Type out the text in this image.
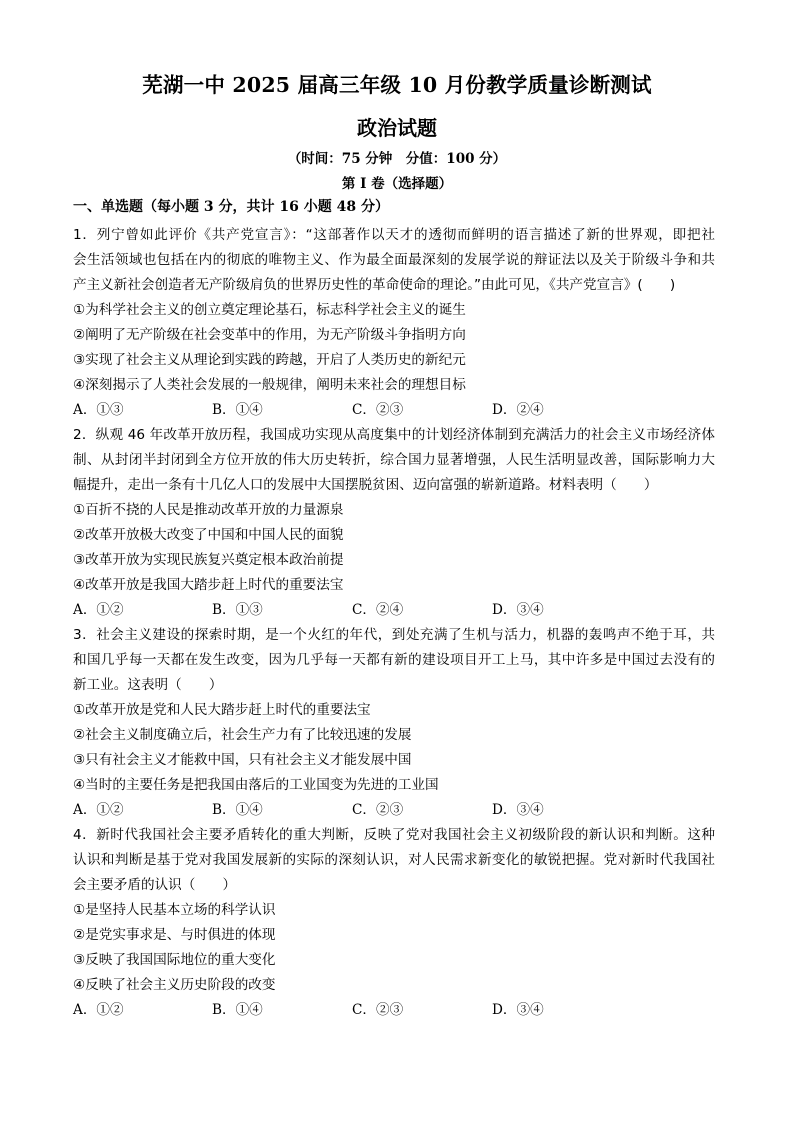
芜湖一中 2025 届高三年级 10 月份教学质量诊断测试
政治试题
（时间：75 分钟　分值：100 分）
第 I 卷（选择题）
一、单选题（每小题 3 分，共计 16 小题 48 分）
1．列宁曾如此评价《共产党宣言》：“这部著作以天才的透彻而鲜明的语言描述了新的世界观，即把社
会生活领域也包括在内的彻底的唯物主义、作为最全面最深刻的发展学说的辩证法以及关于阶级斗争和共
产主义新社会创造者无产阶级肩负的世界历史性的革命使命的理论。”由此可见，《共产党宣言》(　　)
①为科学社会主义的创立奠定理论基石，标志科学社会主义的诞生
②阐明了无产阶级在社会变革中的作用，为无产阶级斗争指明方向
③实现了社会主义从理论到实践的跨越，开启了人类历史的新纪元
④深刻揭示了人类社会发展的一般规律，阐明未来社会的理想目标
A．①③	B．①④	C．②③	D．②④
2．纵观 46 年改革开放历程，我国成功实现从高度集中的计划经济体制到充满活力的社会主义市场经济体
制、从封闭半封闭到全方位开放的伟大历史转折，综合国力显著增强，人民生活明显改善，国际影响力大
幅提升，走出一条有十几亿人口的发展中大国摆脱贫困、迈向富强的崭新道路。材料表明（　　）
①百折不挠的人民是推动改革开放的力量源泉
②改革开放极大改变了中国和中国人民的面貌
③改革开放为实现民族复兴奠定根本政治前提
④改革开放是我国大踏步赶上时代的重要法宝
A．①②	B．①③	C．②④	D．③④
3．社会主义建设的探索时期，是一个火红的年代，到处充满了生机与活力，机器的轰鸣声不绝于耳，共
和国几乎每一天都在发生改变，因为几乎每一天都有新的建设项目开工上马，其中许多是中国过去没有的
新工业。这表明（　　）
①改革开放是党和人民大踏步赶上时代的重要法宝
②社会主义制度确立后，社会生产力有了比较迅速的发展
③只有社会主义才能救中国，只有社会主义才能发展中国
④当时的主要任务是把我国由落后的工业国变为先进的工业国
A．①②	B．①④	C．②③	D．③④
4．新时代我国社会主要矛盾转化的重大判断，反映了党对我国社会主义初级阶段的新认识和判断。这种
认识和判断是基于党对我国发展新的实际的深刻认识，对人民需求新变化的敏锐把握。党对新时代我国社
会主要矛盾的认识（　　）
①是坚持人民基本立场的科学认识
②是党实事求是、与时俱进的体现
③反映了我国国际地位的重大变化
④反映了社会主义历史阶段的改变
A．①②	B．①④	C．②③	D．③④
